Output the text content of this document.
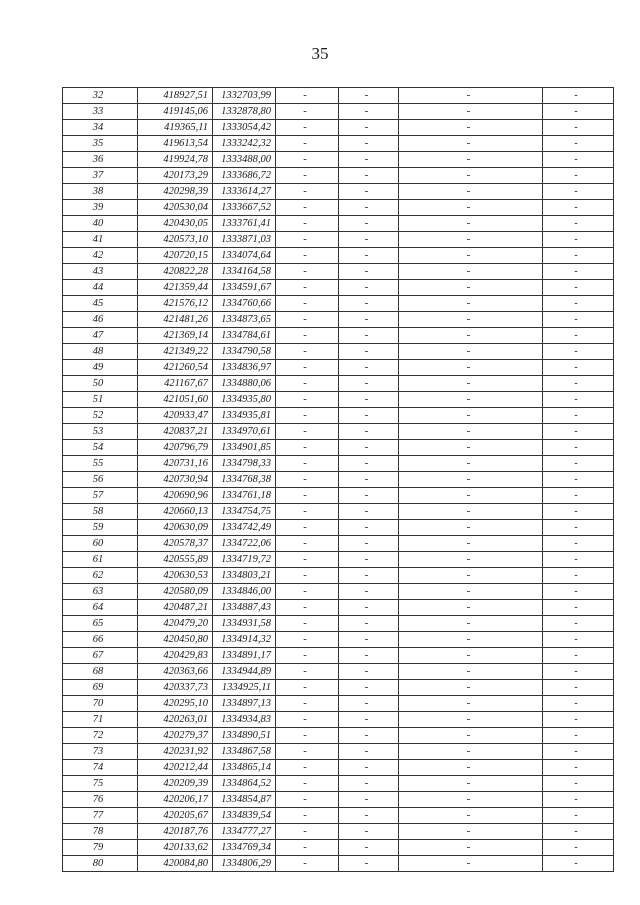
35
32	418927,51	1332703,99	-	-	-	-
33	419145,06	1332878,80	-	-	-	-
34	419365,11	1333054,42	-	-	-	-
35	419613,54	1333242,32	-	-	-	-
36	419924,78	1333488,00	-	-	-	-
37	420173,29	1333686,72	-	-	-	-
38	420298,39	1333614,27	-	-	-	-
39	420530,04	1333667,52	-	-	-	-
40	420430,05	1333761,41	-	-	-	-
41	420573,10	1333871,03	-	-	-	-
42	420720,15	1334074,64	-	-	-	-
43	420822,28	1334164,58	-	-	-	-
44	421359,44	1334591,67	-	-	-	-
45	421576,12	1334760,66	-	-	-	-
46	421481,26	1334873,65	-	-	-	-
47	421369,14	1334784,61	-	-	-	-
48	421349,22	1334790,58	-	-	-	-
49	421260,54	1334836,97	-	-	-	-
50	421167,67	1334880,06	-	-	-	-
51	421051,60	1334935,80	-	-	-	-
52	420933,47	1334935,81	-	-	-	-
53	420837,21	1334970,61	-	-	-	-
54	420796,79	1334901,85	-	-	-	-
55	420731,16	1334798,33	-	-	-	-
56	420730,94	1334768,38	-	-	-	-
57	420690,96	1334761,18	-	-	-	-
58	420660,13	1334754,75	-	-	-	-
59	420630,09	1334742,49	-	-	-	-
60	420578,37	1334722,06	-	-	-	-
61	420555,89	1334719,72	-	-	-	-
62	420630,53	1334803,21	-	-	-	-
63	420580,09	1334846,00	-	-	-	-
64	420487,21	1334887,43	-	-	-	-
65	420479,20	1334931,58	-	-	-	-
66	420450,80	1334914,32	-	-	-	-
67	420429,83	1334891,17	-	-	-	-
68	420363,66	1334944,89	-	-	-	-
69	420337,73	1334925,11	-	-	-	-
70	420295,10	1334897,13	-	-	-	-
71	420263,01	1334934,83	-	-	-	-
72	420279,37	1334890,51	-	-	-	-
73	420231,92	1334867,58	-	-	-	-
74	420212,44	1334865,14	-	-	-	-
75	420209,39	1334864,52	-	-	-	-
76	420206,17	1334854,87	-	-	-	-
77	420205,67	1334839,54	-	-	-	-
78	420187,76	1334777,27	-	-	-	-
79	420133,62	1334769,34	-	-	-	-
80	420084,80	1334806,29	-	-	-	-
